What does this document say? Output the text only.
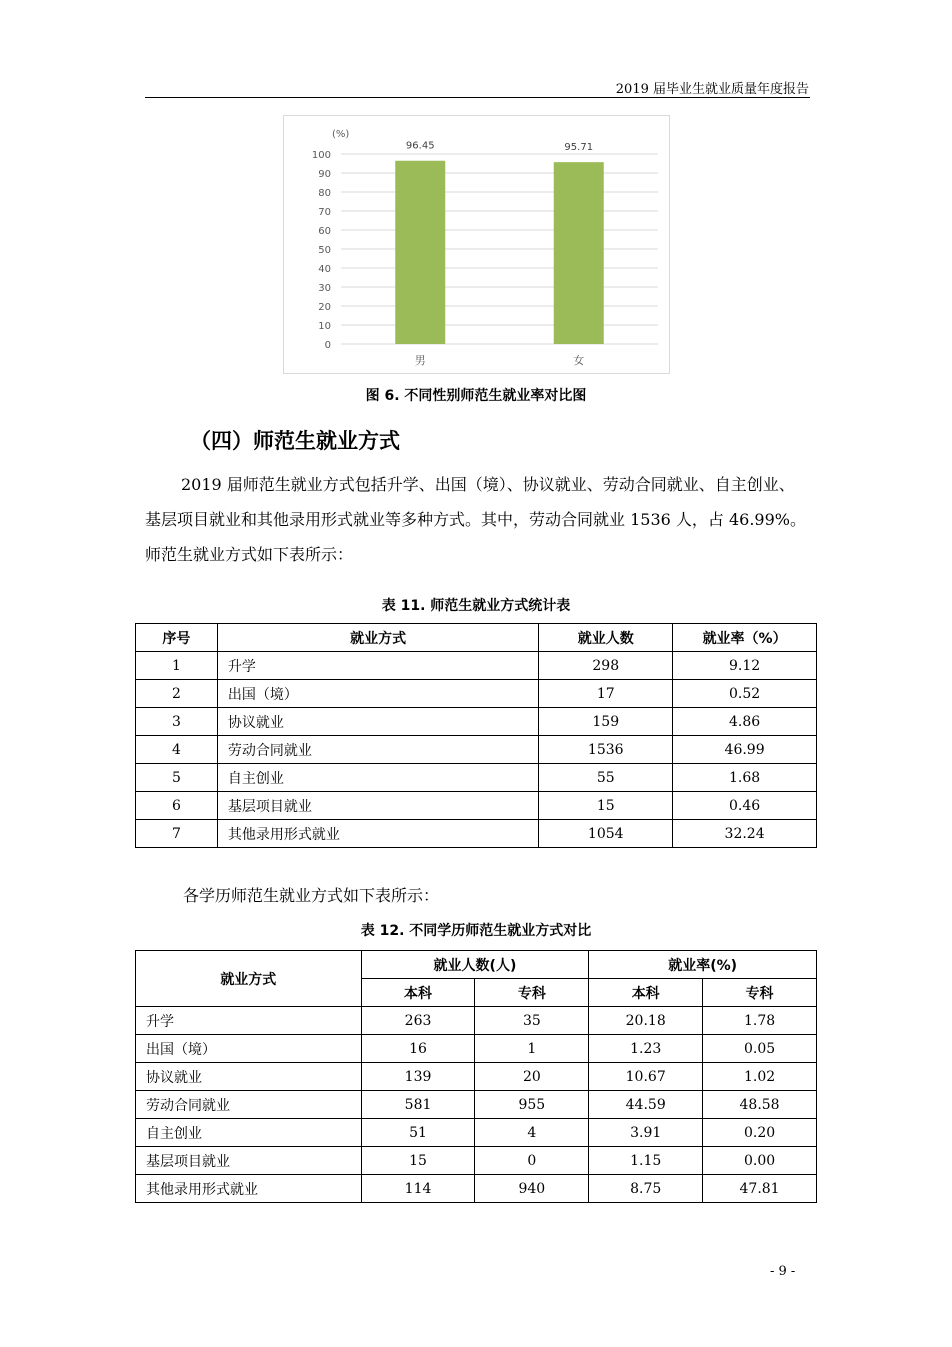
2019 届毕业生就业质量年度报告
(%)
0
10
20
30
40
50
60
70
80
90
100
96.45
男
95.71
女
图 6. 不同性别师范生就业率对比图
（四）师范生就业方式
2019 届师范生就业方式包括升学、出国（境）、协议就业、劳动合同就业、自主创业、基层项目就业和其他录用形式就业等多种方式。其中，劳动合同就业 1536 人，占 46.99%。师范生就业方式如下表所示：
表 11. 师范生就业方式统计表
序号	就业方式	就业人数	就业率（%）
1	升学	298	9.12
2	出国（境）	17	0.52
3	协议就业	159	4.86
4	劳动合同就业	1536	46.99
5	自主创业	55	1.68
6	基层项目就业	15	0.46
7	其他录用形式就业	1054	32.24
各学历师范生就业方式如下表所示：
表 12. 不同学历师范生就业方式对比
就业方式	就业人数(人)		就业率(%)	
	本科	专科	本科	专科
升学	263	35	20.18	1.78
出国（境）	16	1	1.23	0.05
协议就业	139	20	10.67	1.02
劳动合同就业	581	955	44.59	48.58
自主创业	51	4	3.91	0.20
基层项目就业	15	0	1.15	0.00
其他录用形式就业	114	940	8.75	47.81
- 9 -
